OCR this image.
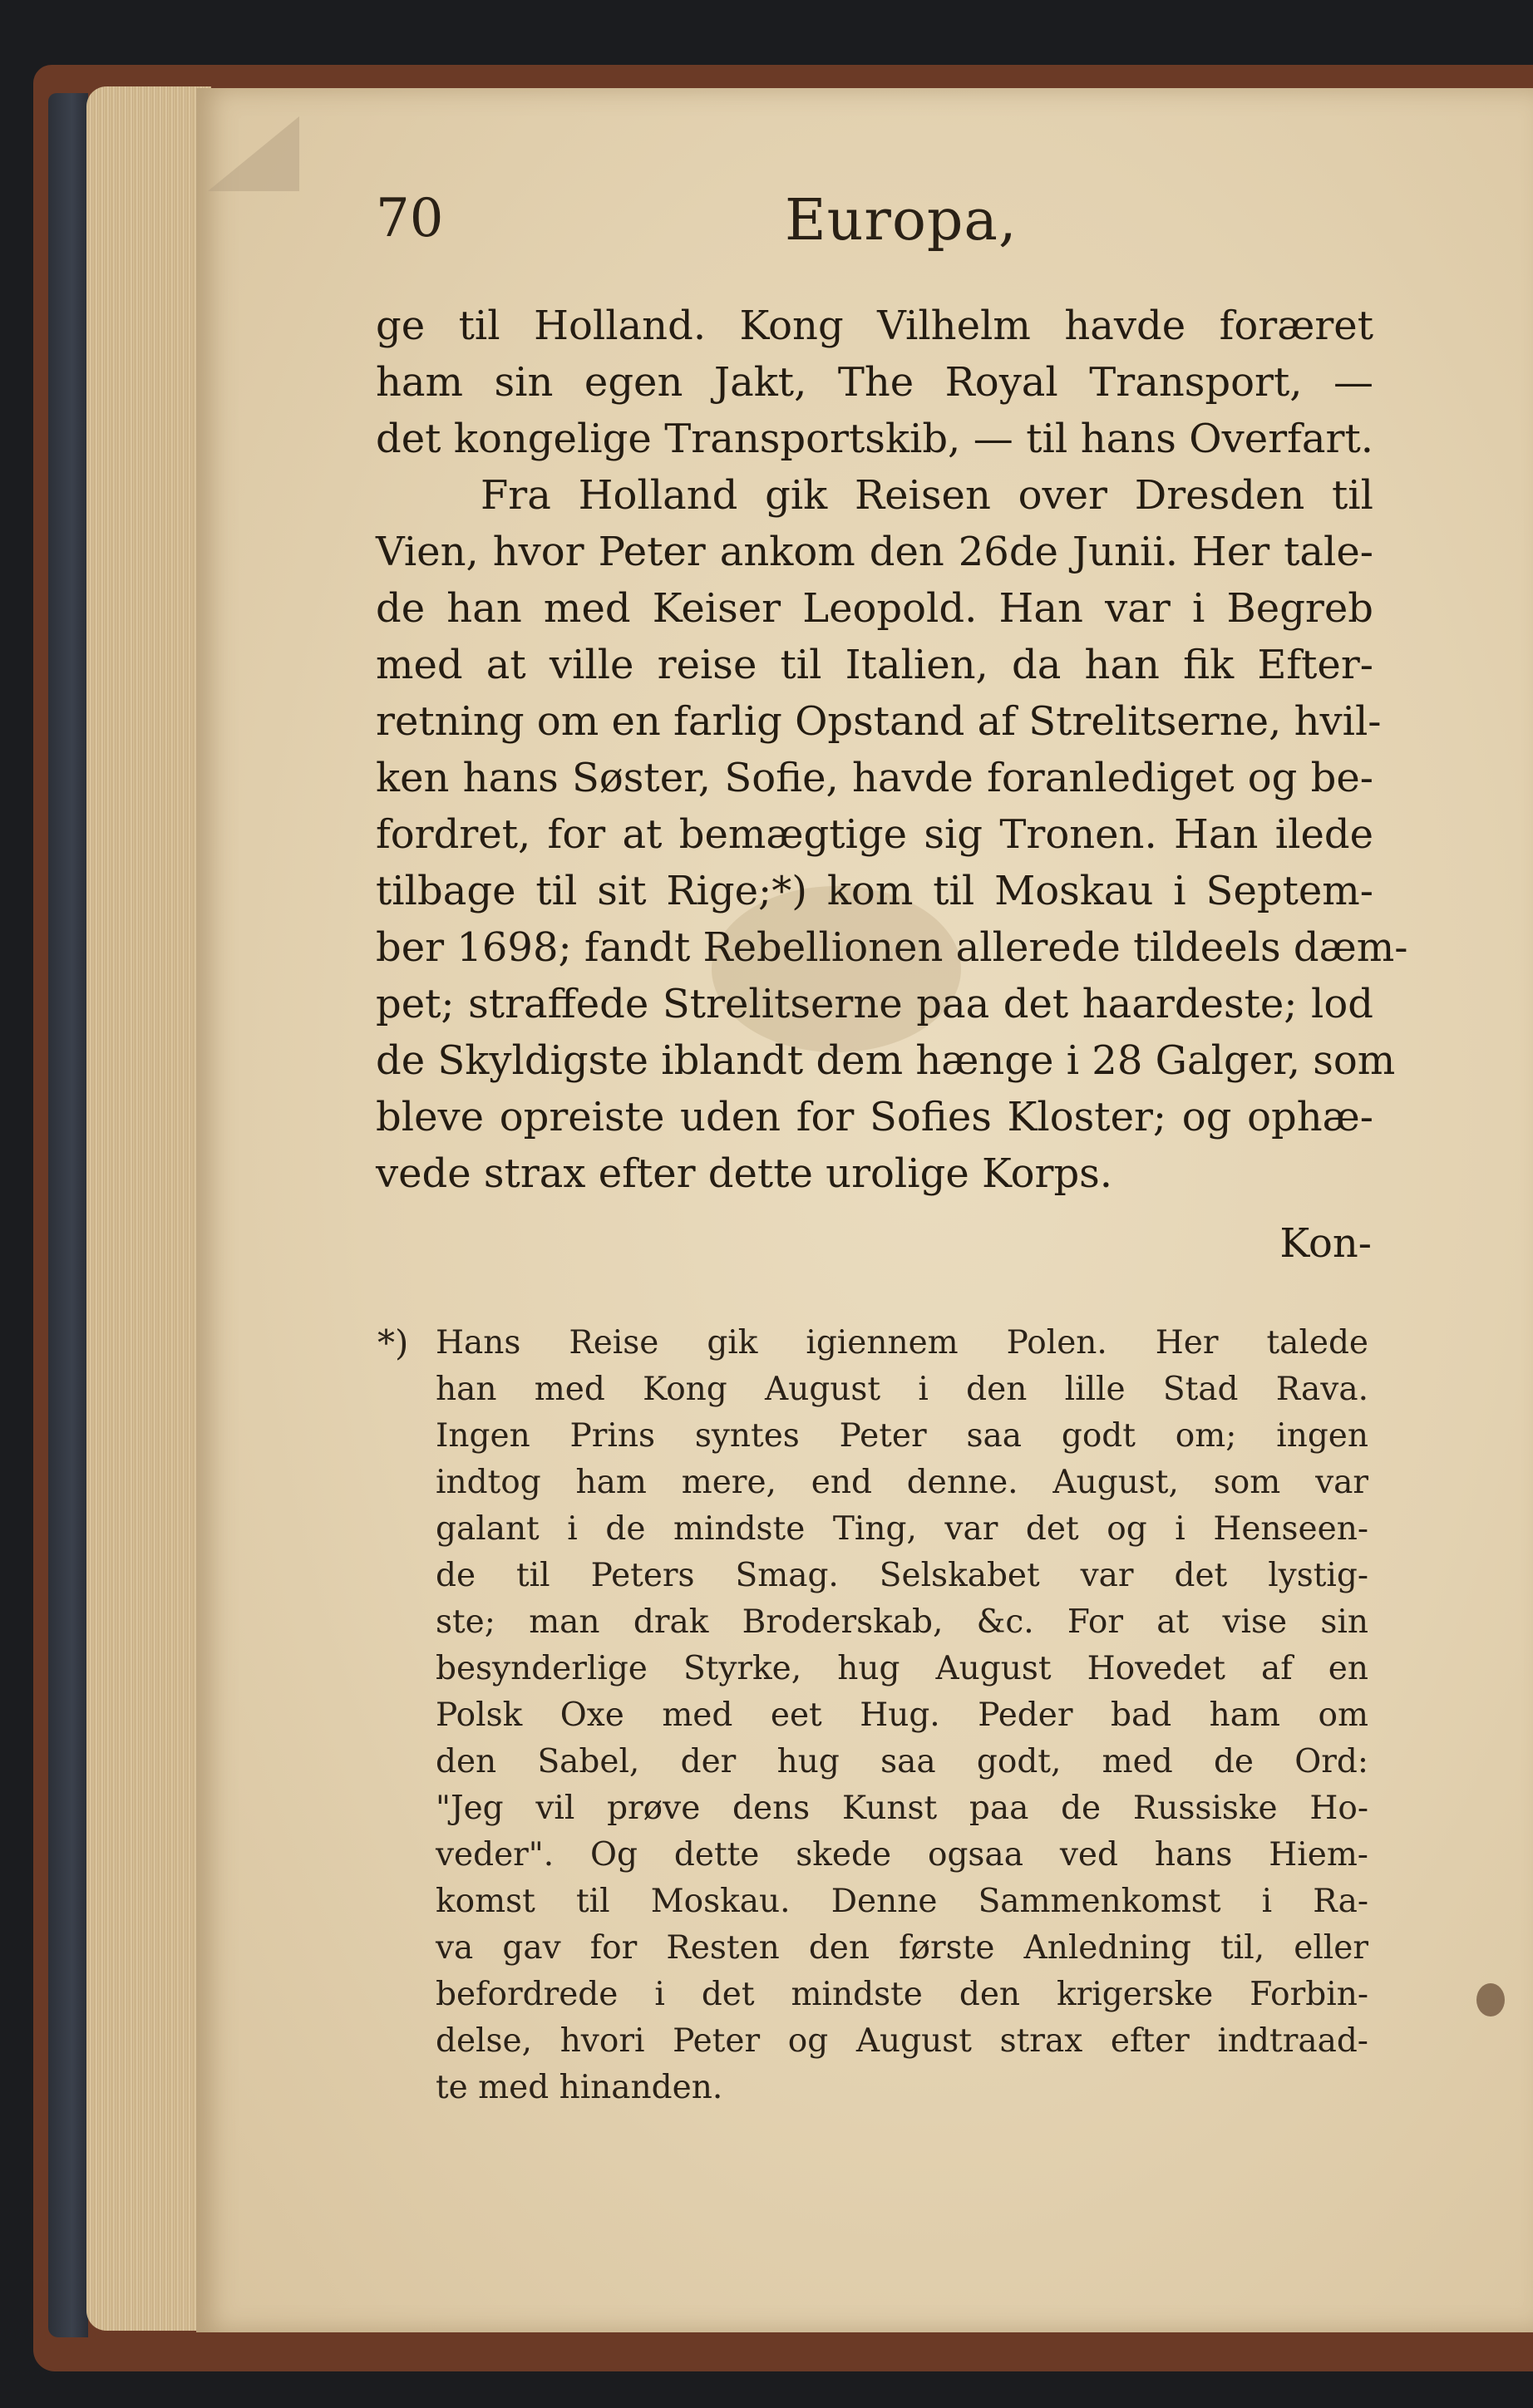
70	Europa,
ge til Holland. Kong Vilhelm havde foræret
ham sin egen Jakt, The Royal Transport, —
det kongelige Transportskib, — til hans Overfart.
Fra Holland gik Reisen over Dresden til
Vien, hvor Peter ankom den 26de Junii. Her tale-
de han med Keiser Leopold. Han var i Begreb
med at ville reise til Italien, da han fik Efter-
retning om en farlig Opstand af Strelitserne, hvil-
ken hans Søster, Sofie, havde foranlediget og be-
fordret, for at bemægtige sig Tronen. Han ilede
tilbage til sit Rige;*) kom til Moskau i Septem-
ber 1698; fandt Rebellionen allerede tildeels dæm-
pet; straffede Strelitserne paa det haardeste; lod
de Skyldigste iblandt dem hænge i 28 Galger, som
bleve opreiste uden for Sofies Kloster; og ophæ-
vede strax efter dette urolige Korps.
Kon-
*) Hans Reise gik igiennem Polen. Her talede
han med Kong August i den lille Stad Rava.
Ingen Prins syntes Peter saa godt om; ingen
indtog ham mere, end denne. August, som var
galant i de mindste Ting, var det og i Henseen-
de til Peters Smag. Selskabet var det lystig-
ste; man drak Broderskab, &c. For at vise sin
besynderlige Styrke, hug August Hovedet af en
Polsk Oxe med eet Hug. Peder bad ham om
den Sabel, der hug saa godt, med de Ord:
"Jeg vil prøve dens Kunst paa de Russiske Ho-
veder". Og dette skede ogsaa ved hans Hiem-
komst til Moskau. Denne Sammenkomst i Ra-
va gav for Resten den første Anledning til, eller
befordrede i det mindste den krigerske Forbin-
delse, hvori Peter og August strax efter indtraad-
te med hinanden.
